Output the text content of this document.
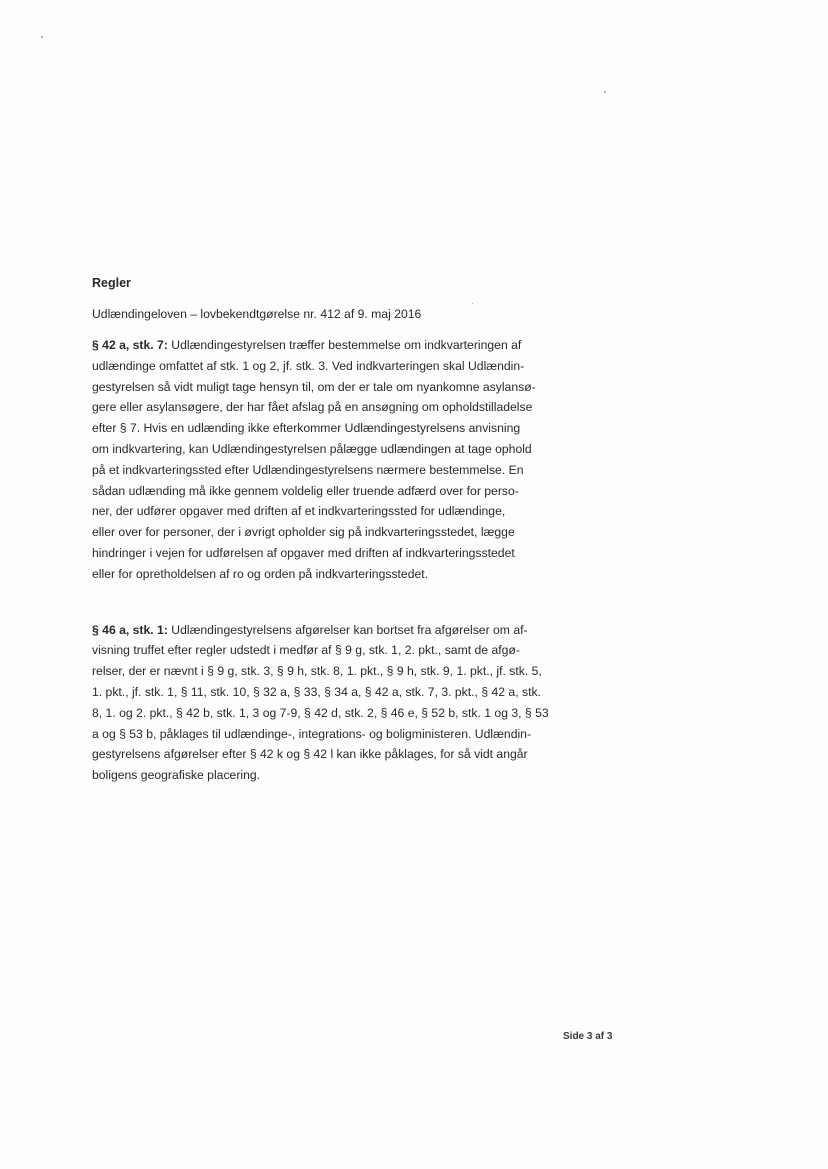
Regler
Udlændingeloven – lovbekendtgørelse nr. 412 af 9. maj 2016

§ 42 a, stk. 7: Udlændingestyrelsen træffer bestemmelse om indkvarteringen af
udlændinge omfattet af stk. 1 og 2, jf. stk. 3. Ved indkvarteringen skal Udlændin-
gestyrelsen så vidt muligt tage hensyn til, om der er tale om nyankomne asylansø-
gere eller asylansøgere, der har fået afslag på en ansøgning om opholdstilladelse
efter § 7. Hvis en udlænding ikke efterkommer Udlændingestyrelsens anvisning
om indkvartering, kan Udlændingestyrelsen pålægge udlændingen at tage ophold
på et indkvarteringssted efter Udlændingestyrelsens nærmere bestemmelse. En
sådan udlænding må ikke gennem voldelig eller truende adfærd over for perso-
ner, der udfører opgaver med driften af et indkvarteringssted for udlændinge,
eller over for personer, der i øvrigt opholder sig på indkvarteringsstedet, lægge
hindringer i vejen for udførelsen af opgaver med driften af indkvarteringsstedet
eller for opretholdelsen af ro og orden på indkvarteringsstedet.

§ 46 a, stk. 1: Udlændingestyrelsens afgørelser kan bortset fra afgørelser om af-
visning truffet efter regler udstedt i medfør af § 9 g, stk. 1, 2. pkt., samt de afgø-
relser, der er nævnt i § 9 g, stk. 3, § 9 h, stk. 8, 1. pkt., § 9 h, stk. 9, 1. pkt., jf. stk. 5,
1. pkt., jf. stk. 1, § 11, stk. 10, § 32 a, § 33, § 34 a, § 42 a, stk. 7, 3. pkt., § 42 a, stk.
8, 1. og 2. pkt., § 42 b, stk. 1, 3 og 7-9, § 42 d, stk. 2, § 46 e, § 52 b, stk. 1 og 3, § 53
a og § 53 b, påklages til udlændinge-, integrations- og boligministeren. Udlændin-
gestyrelsens afgørelser efter § 42 k og § 42 l kan ikke påklages, for så vidt angår
boligens geografiske placering.

Side 3 af 3
